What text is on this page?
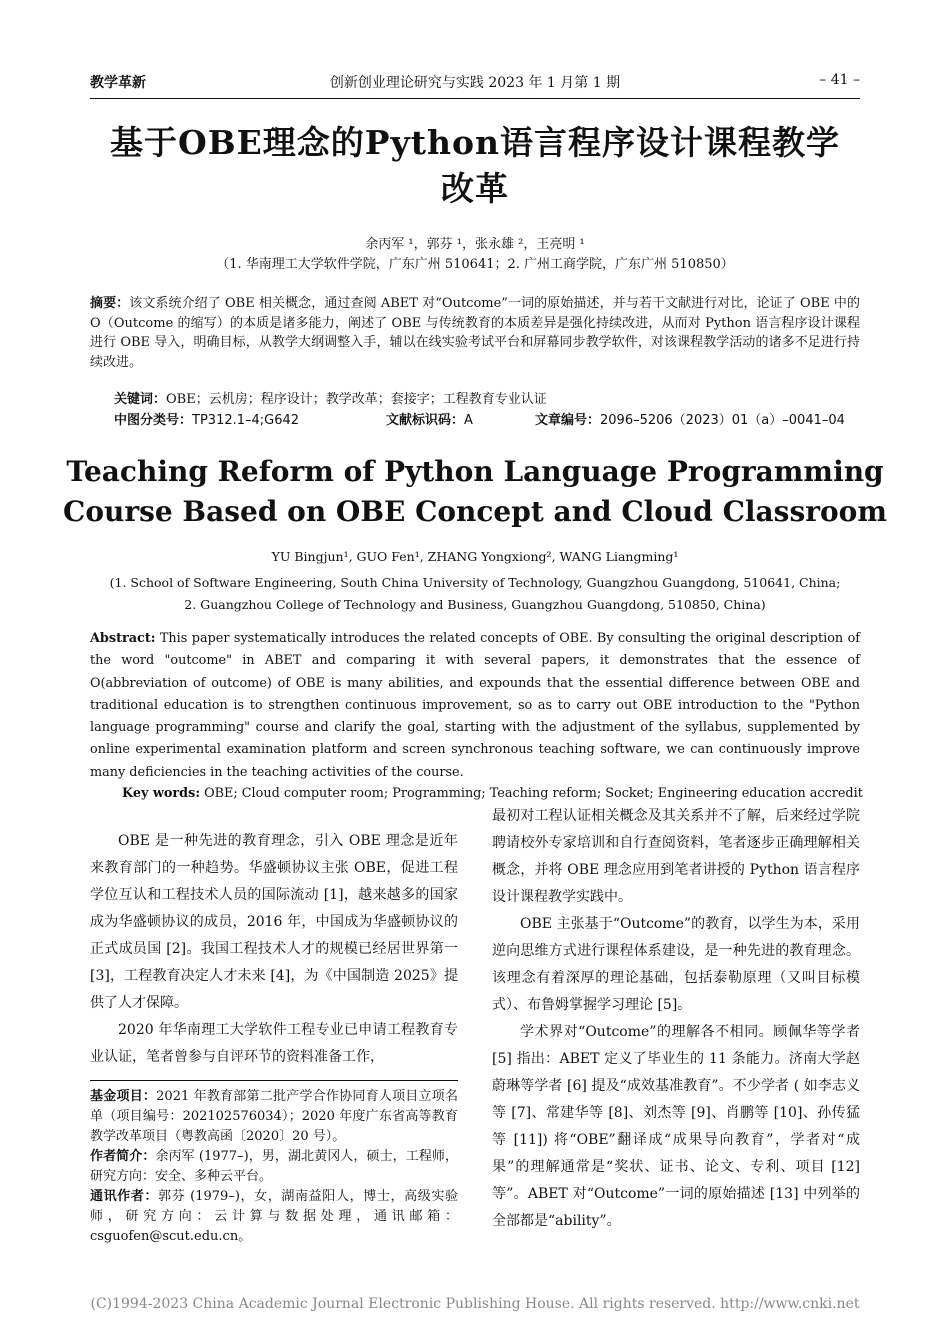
教学革新	创新创业理论研究与实践 2023 年 1 月第 1 期	– 41 –
基于OBE理念的Python语言程序设计课程教学
改革
余丙军 ¹，郭芬 ¹，张永雄 ²，王亮明 ¹
（1. 华南理工大学软件学院，广东广州 510641；2. 广州工商学院，广东广州 510850）
摘要：该文系统介绍了 OBE 相关概念，通过查阅 ABET 对“Outcome”一词的原始描述，并与若干文献进行对比，论证了 OBE 中的 O（Outcome 的缩写）的本质是诸多能力，阐述了 OBE 与传统教育的本质差异是强化持续改进，从而对 Python 语言程序设计课程进行 OBE 导入，明确目标，从教学大纲调整入手，辅以在线实验考试平台和屏幕同步教学软件，对该课程教学活动的诸多不足进行持续改进。
关键词：OBE；云机房；程序设计；教学改革；套接字；工程教育专业认证
中图分类号：TP312.1–4;G642	文献标识码：A	文章编号：2096–5206（2023）01（a）–0041–04
Teaching Reform of Python Language Programming
Course Based on OBE Concept and Cloud Classroom
YU Bingjun¹, GUO Fen¹, ZHANG Yongxiong², WANG Liangming¹
(1. School of Software Engineering, South China University of Technology, Guangzhou Guangdong, 510641, China;
2. Guangzhou College of Technology and Business, Guangzhou Guangdong, 510850, China)
Abstract: This paper systematically introduces the related concepts of OBE. By consulting the original description of the word "outcome" in ABET and comparing it with several papers, it demonstrates that the essence of O(abbreviation of outcome) of OBE is many abilities, and expounds that the essential difference between OBE and traditional education is to strengthen continuous improvement, so as to carry out OBE introduction to the "Python language programming" course and clarify the goal, starting with the adjustment of the syllabus, supplemented by online experimental examination platform and screen synchronous teaching software, we can continuously improve many deficiencies in the teaching activities of the course.
Key words: OBE; Cloud computer room; Programming; Teaching reform; Socket; Engineering education accredit

OBE 是一种先进的教育理念，引入 OBE 理念是近年来教育部门的一种趋势。华盛顿协议主张 OBE，促进工程学位互认和工程技术人员的国际流动 [1]，越来越多的国家成为华盛顿协议的成员，2016 年，中国成为华盛顿协议的正式成员国 [2]。我国工程技术人才的规模已经居世界第一 [3]，工程教育决定人才未来 [4]，为《中国制造 2025》提供了人才保障。

2020 年华南理工大学软件工程专业已申请工程教育专业认证，笔者曾参与自评环节的资料准备工作，

基金项目：2021 年教育部第二批产学合作协同育人项目立项名单（项目编号：202102576034）；2020 年度广东省高等教育教学改革项目（粤教高函〔2020〕20 号）。

作者简介：余丙军 (1977–)，男，湖北黄冈人，硕士，工程师，研究方向：安全、多种云平台。

通讯作者：郭芬 (1979–)，女，湖南益阳人，博士，高级实验师，研究方向：云计算与数据处理，通讯邮箱：csguofen@scut.edu.cn。

最初对工程认证相关概念及其关系并不了解，后来经过学院聘请校外专家培训和自行查阅资料，笔者逐步正确理解相关概念，并将 OBE 理念应用到笔者讲授的 Python 语言程序设计课程教学实践中。

OBE 主张基于“Outcome”的教育，以学生为本，采用逆向思维方式进行课程体系建设，是一种先进的教育理念。该理念有着深厚的理论基础，包括泰勒原理（又叫目标模式）、布鲁姆掌握学习理论 [5]。

学术界对“Outcome”的理解各不相同。顾佩华等学者 [5] 指出：ABET 定义了毕业生的 11 条能力。济南大学赵蔚琳等学者 [6] 提及“成效基准教育”。不少学者 ( 如李志义等 [7]、常建华等 [8]、刘杰等 [9]、肖鹏等 [10]、孙传猛等 [11]) 将“OBE”翻译成“成果导向教育”，学者对“成果”的理解通常是“奖状、证书、论文、专利、项目 [12] 等”。ABET 对“Outcome”一词的原始描述 [13] 中列举的全部都是“ability”。

(C)1994-2023 China Academic Journal Electronic Publishing House. All rights reserved. http://www.cnki.net
